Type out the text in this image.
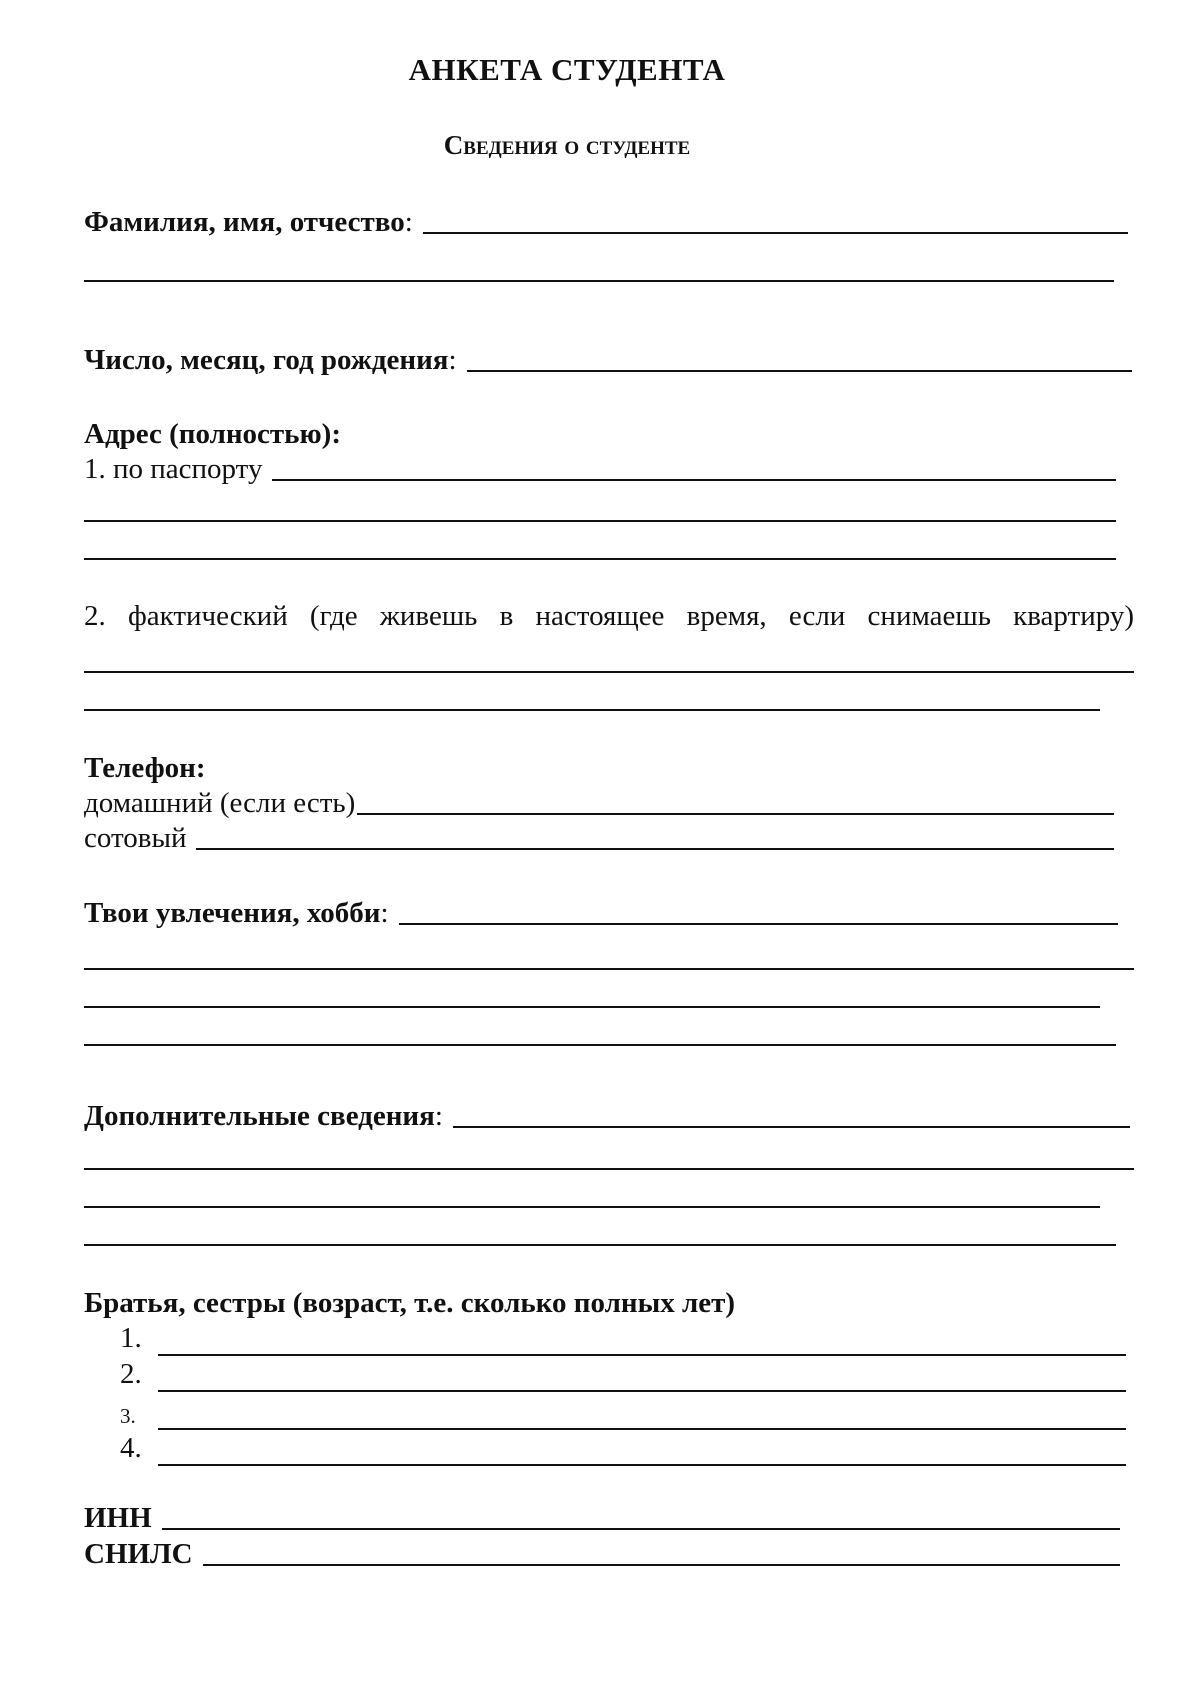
АНКЕТА СТУДЕНТА
Сведения о студенте
Фамилия, имя, отчество :
Число, месяц, год рождения :
Адрес (полностью):
1. по паспорту
2. фактический (где живешь в настоящее время, если снимаешь квартиру)
Телефон:
домашний (если есть)
сотовый
Твои увлечения, хобби :
Дополнительные сведения :
Братья, сестры (возраст, т.е. сколько полных лет)
1.
2.
3.
4.
ИНН
СНИЛС
